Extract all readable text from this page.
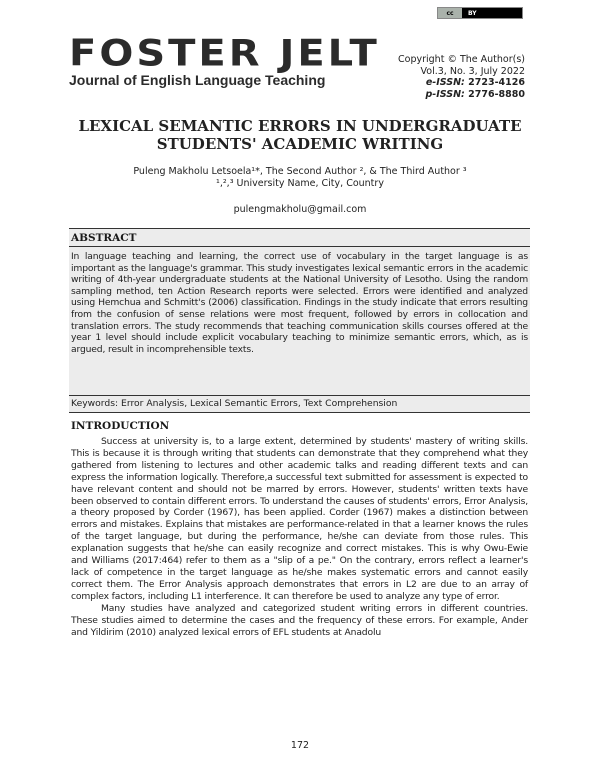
cc	BY
FOSTER JELT
Journal of English Language Teaching
Copyright © The Author(s)
Vol.3, No. 3, July 2022
e-ISSN: 2723-4126
p-ISSN: 2776-8880
LEXICAL SEMANTIC ERRORS IN UNDERGRADUATE STUDENTS' ACADEMIC WRITING
Puleng Makholu Letsoela¹*, The Second Author ², & The Third Author ³
¹,²,³ University Name, City, Country
pulengmakholu@gmail.com
ABSTRACT

In language teaching and learning, the correct use of vocabulary in the target language is as important as the language's grammar. This study investigates lexical semantic errors in the academic writing of 4th-year undergraduate students at the National University of Lesotho. Using the random sampling method, ten Action Research reports were selected. Errors were identified and analyzed using Hemchua and Schmitt's (2006) classification. Findings in the study indicate that errors resulting from the confusion of sense relations were most frequent, followed by errors in collocation and translation errors. The study recommends that teaching communication skills courses offered at the year 1 level should include explicit vocabulary teaching to minimize semantic errors, which, as is argued, result in incomprehensible texts.

Keywords: Error Analysis, Lexical Semantic Errors, Text Comprehension

INTRODUCTION

Success at university is, to a large extent, determined by students' mastery of writing skills. This is because it is through writing that students can demonstrate that they comprehend what they gathered from listening to lectures and other academic talks and reading different texts and can express the information logically. Therefore,a successful text submitted for assessment is expected to have relevant content and should not be marred by errors. However, students' written texts have been observed to contain different errors. To understand the causes of students' errors, Error Analysis, a theory proposed by Corder (1967), has been applied. Corder (1967) makes a distinction between errors and mistakes. Explains that mistakes are performance-related in that a learner knows the rules of the target language, but during the performance, he/she can deviate from those rules. This explanation suggests that he/she can easily recognize and correct mistakes. This is why Owu-Ewie and Williams (2017:464) refer to them as a "slip of a pe." On the contrary, errors reflect a learner's lack of competence in the target language as he/she makes systematic errors and cannot easily correct them. The Error Analysis approach demonstrates that errors in L2 are due to an array of complex factors, including L1 interference. It can therefore be used to analyze any type of error.

Many studies have analyzed and categorized student writing errors in different countries. These studies aimed to determine the cases and the frequency of these errors. For example, Ander and Yildirim (2010) analyzed lexical errors of EFL students at Anadolu

172
